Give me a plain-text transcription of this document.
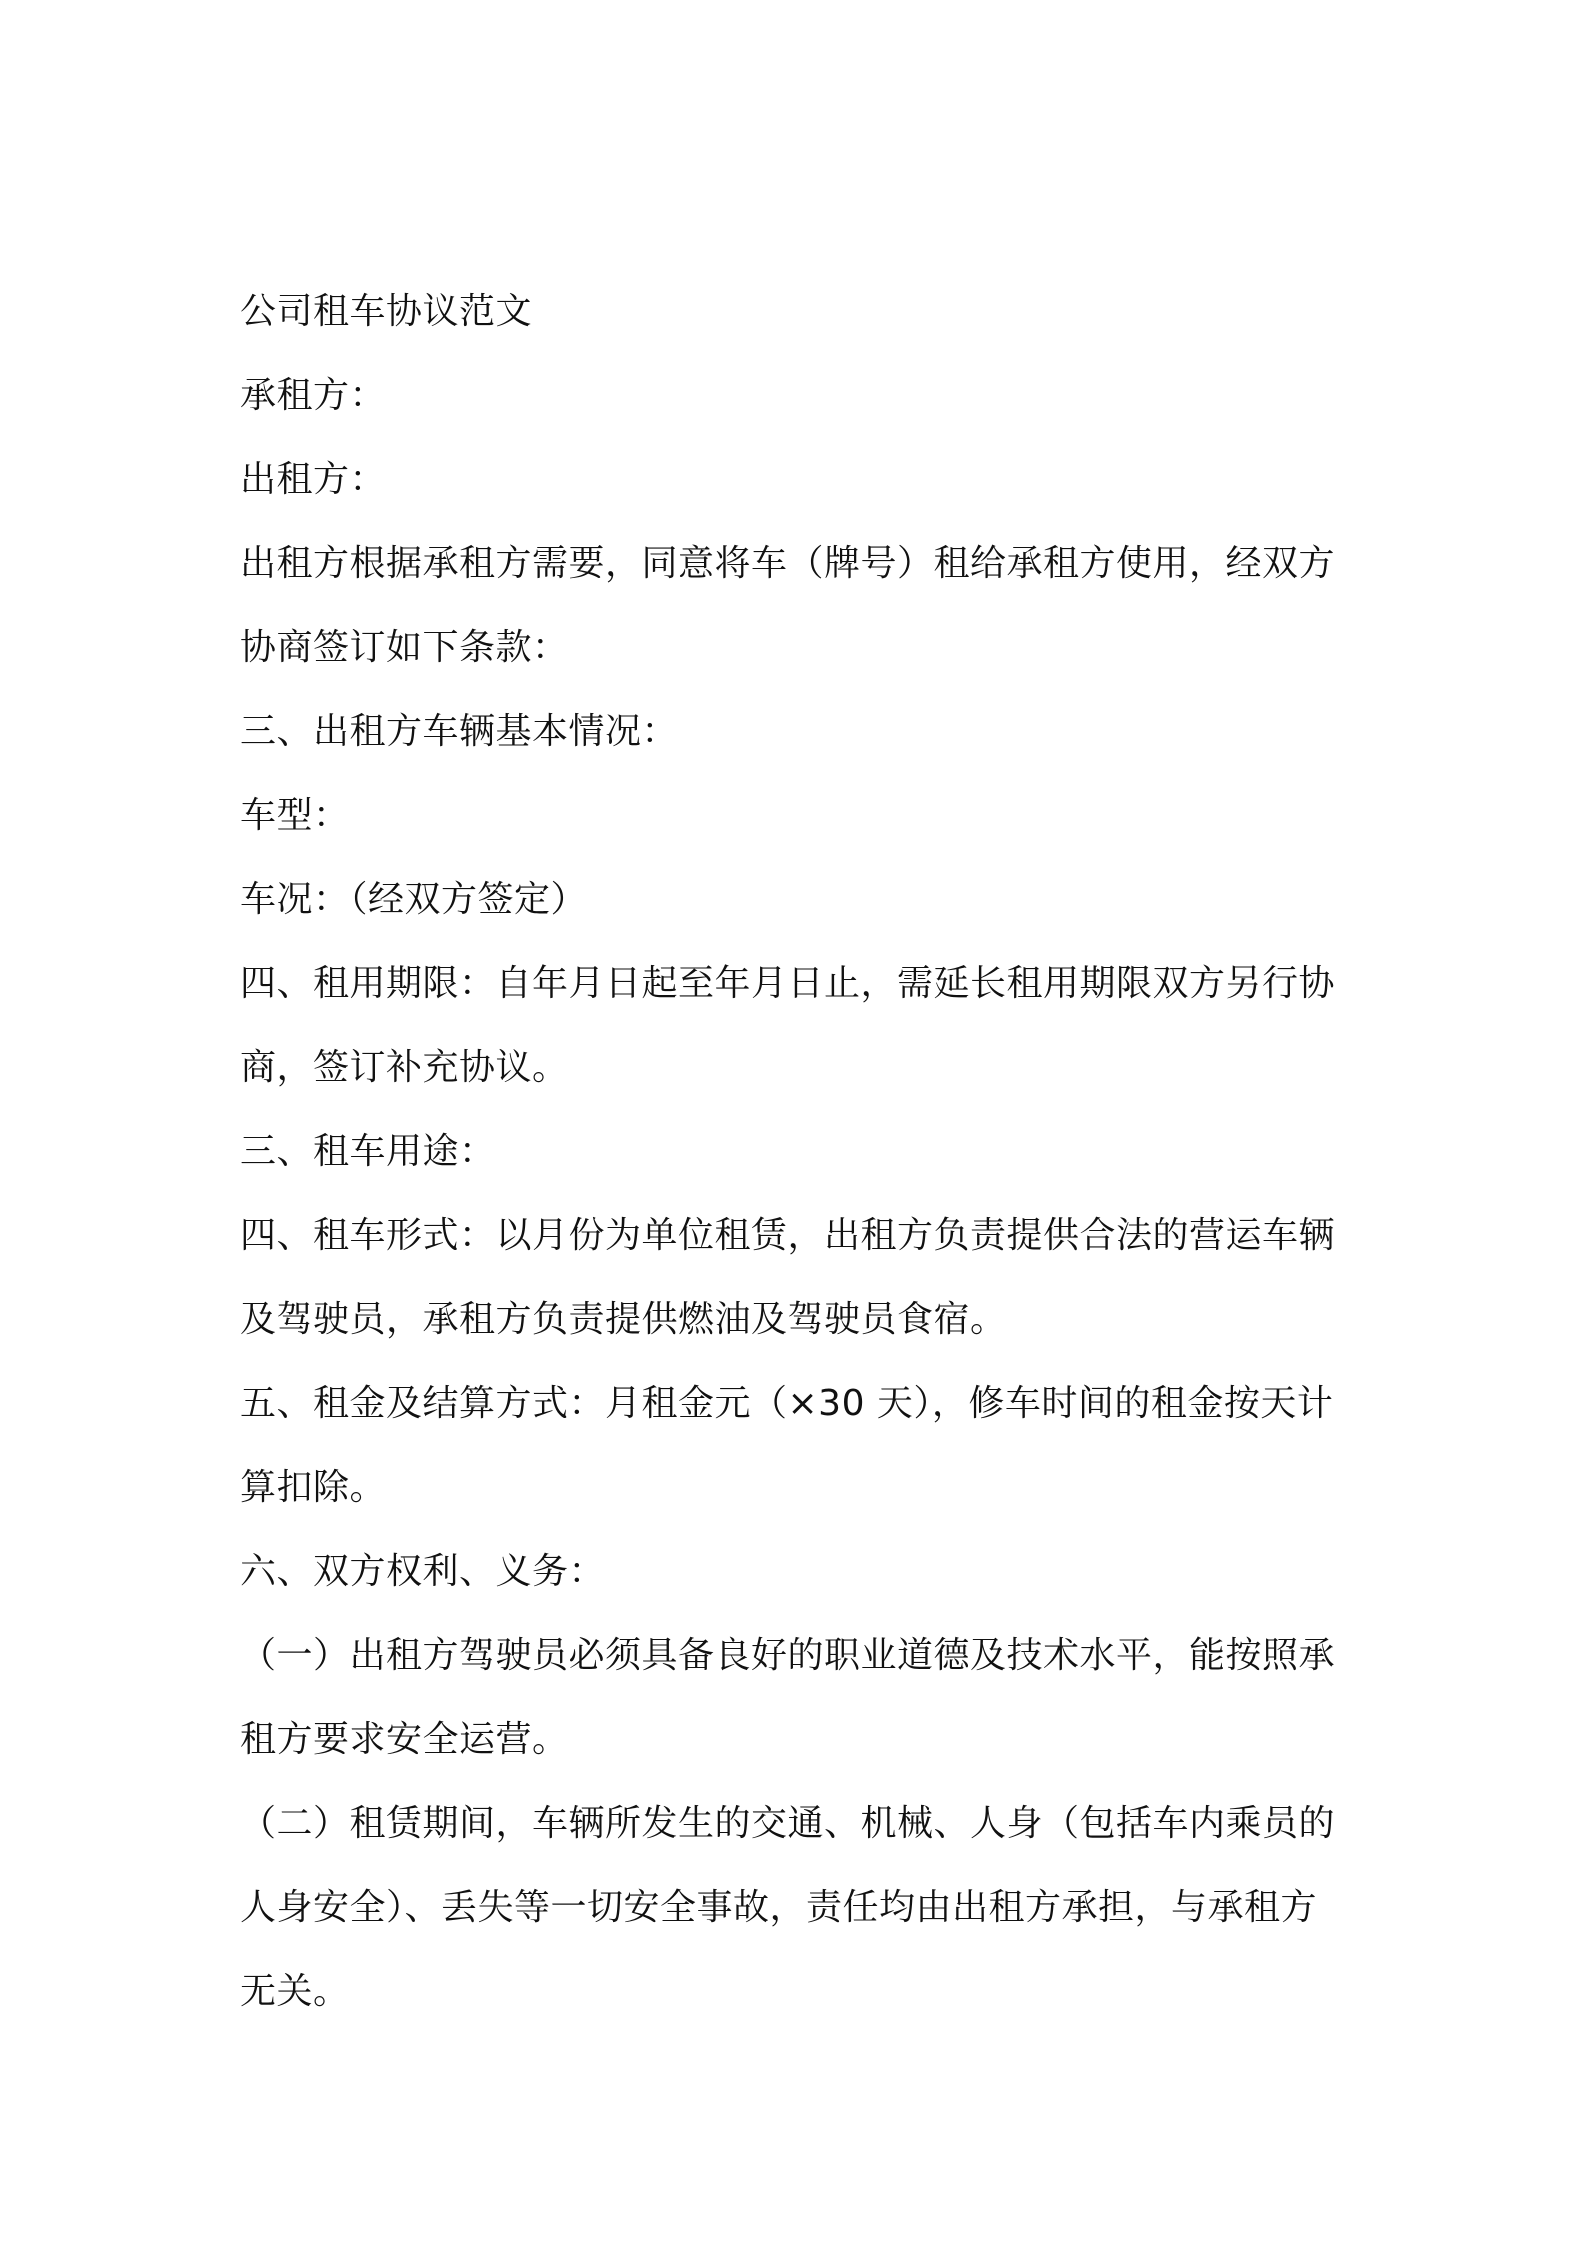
公司租车协议范文
承租方：
出租方：
出租方根据承租方需要，同意将车（牌号）租给承租方使用，经双方
协商签订如下条款：
三、出租方车辆基本情况：
车型：
车况：（经双方签定）
四、租用期限：自年月日起至年月日止，需延长租用期限双方另行协
商，签订补充协议。
三、租车用途：
四、租车形式：以月份为单位租赁，出租方负责提供合法的营运车辆
及驾驶员，承租方负责提供燃油及驾驶员食宿。
五、租金及结算方式：月租金元（×30 天），修车时间的租金按天计
算扣除。
六、双方权利、义务：
（一）出租方驾驶员必须具备良好的职业道德及技术水平，能按照承
租方要求安全运营。
（二）租赁期间，车辆所发生的交通、机械、人身（包括车内乘员的
人身安全）、丢失等一切安全事故，责任均由出租方承担，与承租方
无关。
